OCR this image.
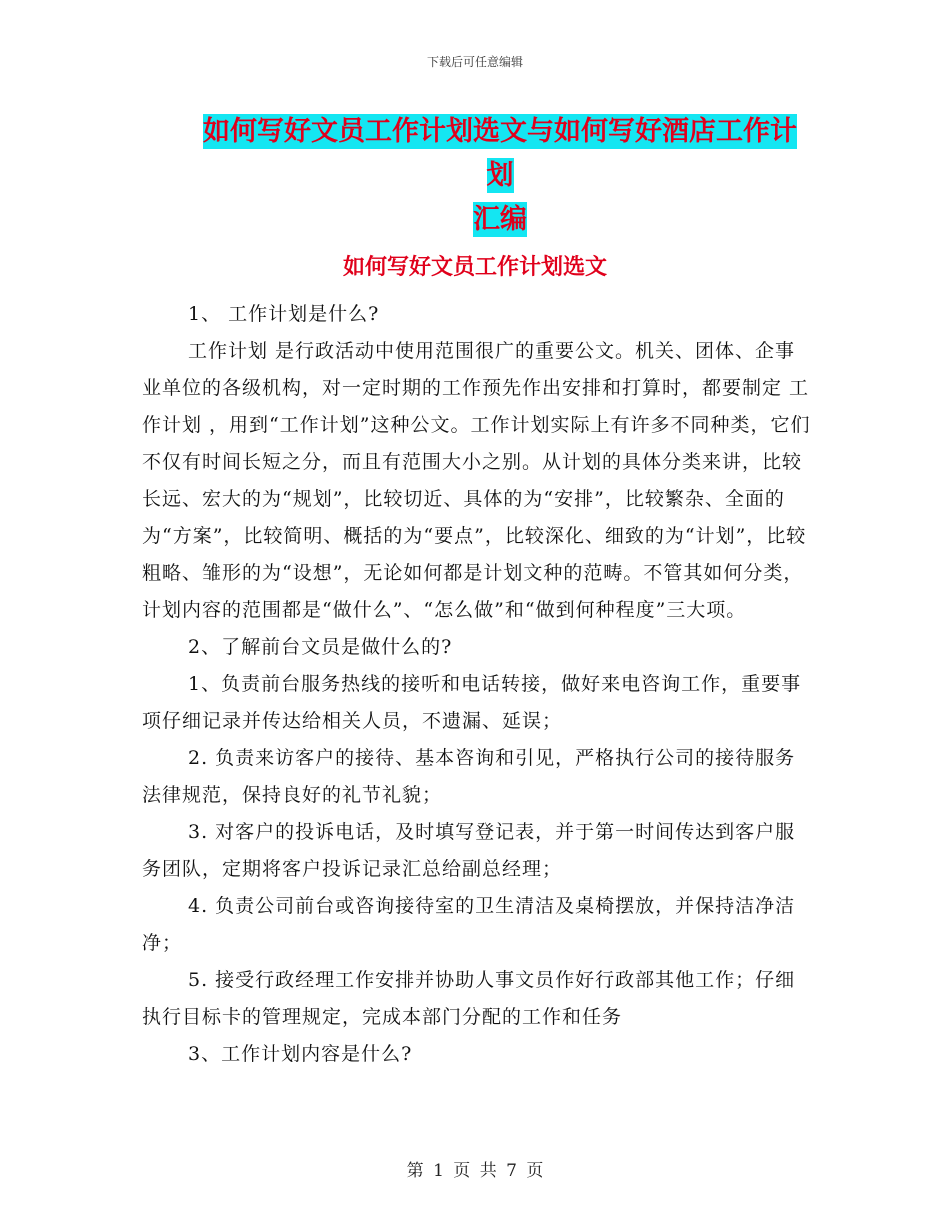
下载后可任意编辑
如何写好文员工作计划选文与如何写好酒店工作计划
汇编
如何写好文员工作计划选文

1、 工作计划是什么?

工作计划 是行政活动中使用范围很广的重要公文。机关、团体、企事业单位的各级机构，对一定时期的工作预先作出安排和打算时，都要制定 工作计划 ，用到“工作计划”这种公文。工作计划实际上有许多不同种类，它们不仅有时间长短之分，而且有范围大小之别。从计划的具体分类来讲，比较长远、宏大的为“规划”，比较切近、具体的为“安排”，比较繁杂、全面的为“方案”，比较简明、概括的为“要点”，比较深化、细致的为“计划”，比较粗略、雏形的为“设想”，无论如何都是计划文种的范畴。不管其如何分类，计划内容的范围都是“做什么”、“怎么做”和“做到何种程度”三大项。

2、了解前台文员是做什么的?

1、负责前台服务热线的接听和电话转接，做好来电咨询工作，重要事项仔细记录并传达给相关人员，不遗漏、延误；

2. 负责来访客户的接待、基本咨询和引见，严格执行公司的接待服务法律规范，保持良好的礼节礼貌；

3. 对客户的投诉电话，及时填写登记表，并于第一时间传达到客户服务团队，定期将客户投诉记录汇总给副总经理；

4. 负责公司前台或咨询接待室的卫生清洁及桌椅摆放，并保持洁净洁净；

5. 接受行政经理工作安排并协助人事文员作好行政部其他工作；仔细执行目标卡的管理规定，完成本部门分配的工作和任务

3、工作计划内容是什么?

第 1 页 共 7 页
